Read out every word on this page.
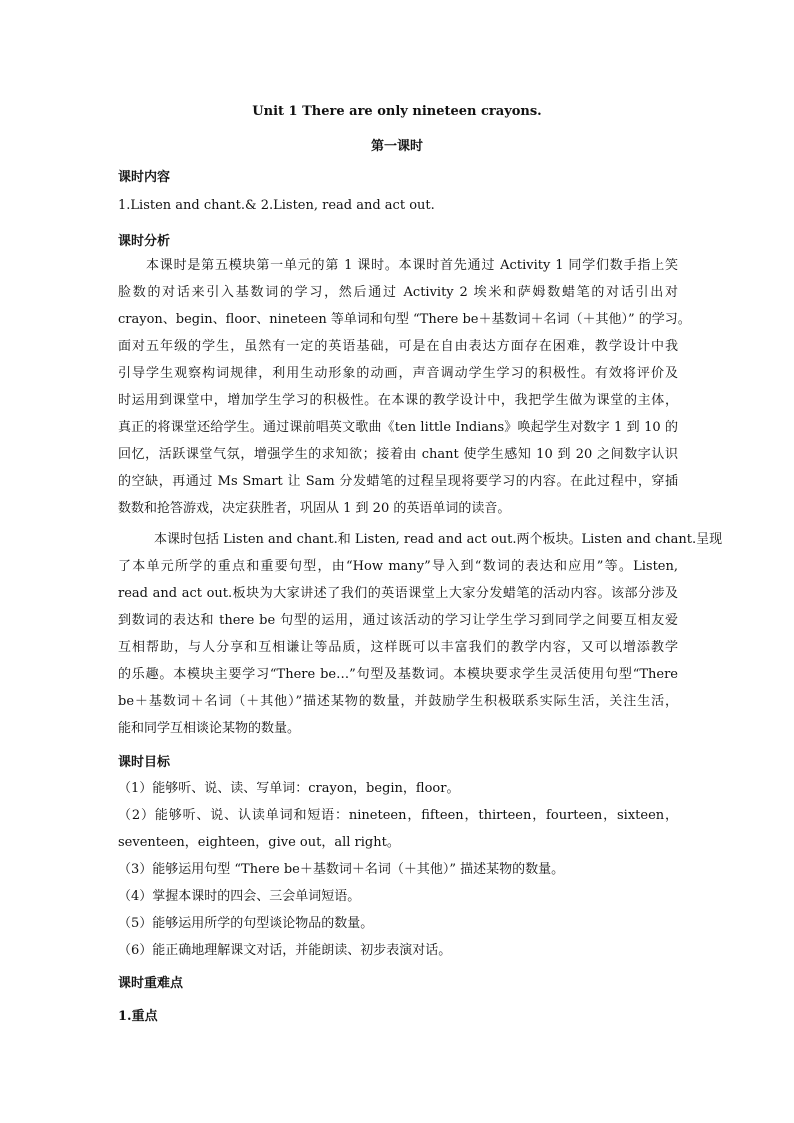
Unit 1 There are only nineteen crayons.
第一课时
课时内容
1.Listen and chant.& 2.Listen, read and act out.
课时分析
本课时是第五模块第一单元的第 1 课时。本课时首先通过 Activity 1 同学们数手指上笑
脸数的对话来引入基数词的学习，然后通过 Activity 2 埃米和萨姆数蜡笔的对话引出对
crayon、begin、floor、nineteen 等单词和句型 “There be＋基数词＋名词（＋其他）” 的学习。
面对五年级的学生，虽然有一定的英语基础，可是在自由表达方面存在困难，教学设计中我
引导学生观察构词规律，利用生动形象的动画，声音调动学生学习的积极性。有效将评价及
时运用到课堂中，增加学生学习的积极性。在本课的教学设计中，我把学生做为课堂的主体，
真正的将课堂还给学生。通过课前唱英文歌曲《ten little Indians》唤起学生对数字 1 到 10 的
回忆，活跃课堂气氛，增强学生的求知欲；接着由 chant 使学生感知 10 到 20 之间数字认识
的空缺，再通过 Ms Smart 让 Sam 分发蜡笔的过程呈现将要学习的内容。在此过程中，穿插
数数和抢答游戏，决定获胜者，巩固从 1 到 20 的英语单词的读音。
本课时包括 Listen and chant.和 Listen, read and act out.两个板块。Listen and chant.呈现
了本单元所学的重点和重要句型，由“How many”导入到“数词的表达和应用”等。Listen,
read and act out.板块为大家讲述了我们的英语课堂上大家分发蜡笔的活动内容。该部分涉及
到数词的表达和 there be 句型的运用，通过该活动的学习让学生学习到同学之间要互相友爱
互相帮助，与人分享和互相谦让等品质，这样既可以丰富我们的教学内容，又可以增添教学
的乐趣。本模块主要学习“There be…”句型及基数词。本模块要求学生灵活使用句型“There
be＋基数词＋名词（＋其他）”描述某物的数量，并鼓励学生积极联系实际生活，关注生活，
能和同学互相谈论某物的数量。
课时目标
（1）能够听、说、读、写单词：crayon，begin，floor。
（2）能够听、说、认读单词和短语：nineteen，fifteen，thirteen，fourteen，sixteen，
seventeen，eighteen，give out，all right。
（3）能够运用句型 “There be＋基数词＋名词（＋其他）” 描述某物的数量。
（4）掌握本课时的四会、三会单词短语。
（5）能够运用所学的句型谈论物品的数量。
（6）能正确地理解课文对话，并能朗读、初步表演对话。
课时重难点
1.重点
